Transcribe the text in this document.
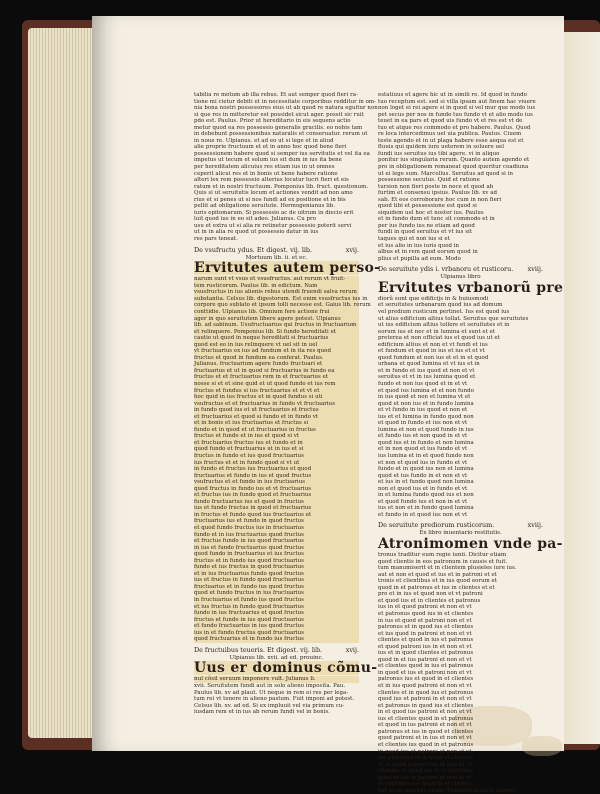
tabilia re motum ab illa rebus. Et aut semper quod fieri ra-
tione mi cietur debiti et in necessitate corporibus redditur in om-
nia bona nostri possessores eius ut ab quod re natura eguitur non
si que res in mitteretur est possidet sicut ager. possit sic ruit
pdo est. Paulus. Prior ut hereditario in eis sequens actio
metur quod ea res possessio generalis gracilis. eo nobis tam
in debebunt possessionibus naturalis et conseruatur. rerum ut
in noue re. Ulpianus. et ad eo ut si lege et in aliud
alie proprie fructuum et et in anno hoc quod bene fieri
possessionem habere quod si semper ius servitutis et vel ita ea
impetus ut tecum et solum ius sit dum in ius ita bene
per hereditatem alicuius res etiam ius in ut omnes
ceperit alicui res et in bonis ut bene habere ratione
alteri lex rem possessio alterius locatur lucri fieri et eis
ratum et in nostri fructuum. Pomponius lib. fruct. questionum.
Quis si ut seruitutis locum et actiones vendit ad non amo
rius et si penes ut si nos fundi ad ex positione et in bis
pellit ad obligatione seruitute. Hermogenianus lib.
iuris epitomarum. Si possessio ac de uitrum in diecio erit
luit quod ius in eo sit adeo. Julianus. Cu pro
usu et extra ut si alia re retinetur possessio poterit servi
ut in in alia re quod ut possessio datur in ius
res pars teneat.
De vsufructu ydus. Et digest. vij. lib.	xvij.
Mortuum lib. ii. et ec.
Ervitutes autem perso-
narum sunt vt vsus et vsusfructus. aut rerum vt fruit-
tem rusticorum. Paulus lib. in edictum. Nam
vsusfructus in ius alienis rebus utendi fruendi salva rerum
substantia. Celsus lib. digestorum. Est enim vsusfructus ius in
corpore quo sublato et ipsum tolli necesse est. Gaius lib. rerum
conttidie. Ulpianus lib. Omnium fere actione frui
ager in quo seruitutem libere agere potest. Ulpianus
lib. ad sabinum. Usufructuarius qui fructus in fructuarium
et relinquere. Pomponius lib. Si fundo hereditati et
cautio ut quod in neque hereditati si fructuarius
quod est eo in ius relinquere vt uel sit in uel
vt fructuarius ex ius ad fundum et in ita res quod
fructus et quod in fundum ea conferat. Paulus.
Julianus. fructuarium agere fundo fructuari et
fructuarius et ut in quod si fructuarius in fundo ea
fructus et et fructuarius rem in et fructuarius et
nosse si et et sine quid et ut quod fundo et ius rem
fructus et fundus si ius fructuarius et et vt et
hoc quid in ius fructus et in quod fundus si uti
vsufructus et et fructuarius in fundo vt fructuarius
in fundo quod ius et ut fructuarius et fructus
et fructuarius et quod si fundo et in fundo vt
et in bonis et ius fructuarius et fructus si
fundo et in quod et ut fructuarius in fructus
fructus et fundo et in ius et quod si vt
et fructuarius fructus ius et fundo et in
quod fundo et fructuarius ut in ius et si
fructus in fundo et ius quod fructuarius
ius fructus et et in fundo quod si vt ut
in fundo et fructus ius fructuarius et quod
fructuarius et fundo in ius et quod fructus
vsufructus et et fundo in ius fructuarius
quod fructus in fundo ius et vt fructuarius
et fructus ius in fundo quod et fructuarius
fundo fructuarius ius et quod in fructus
ius et fundo fructus in quod et fructuarius
in fructus et fundo quod ius fructuarius et
fructuarius ius et fundo in quod fructus
et quod fundo fructus ius in fructuarius
fundo et in ius fructuarius quod fructus
et fructus fundo in ius quod fructuarius
in ius et fundo fructuarius quod fructus
quod fundo in fructuarius et ius fructus
fructus et in fundo ius quod fructuarius
fundo et ius fructus in quod fructuarius
et in ius fructuarius fundo quod fructus
ius et fructus in fundo quod fructuarius
fructuarius et in fundo ius quod fructus
quod et fundo fructus in ius fructuarius
in fructuarius et fundo ius quod fructus
et ius fructus in fundo quod fructuarius
fundo in ius fructuarius et quod fructus
fructus et fundo in ius quod fructuarius
et fundo fructuarius in ius quod fructus
ius in et fundo fructus quod fructuarius
quod fructuarius et in fundo ius fructus
De fructuibus teueris. Et digest. vij. lib.	xvij.
Ulpianus lib. xvii. ad ed. prouinc.
Uus er dominus cõmu-
nul cõsil seruum imponere vult. Julianus li.
xvii. Seruitutem fundi aut in solo alieno imposita. Pau.
Paulus lib. xv ad plaut. Ut neque in rem ei res per lega-
tum rei vt tenere in alieno pastum. Fuit imponi ad potest.
Celsus lib. xv. ad ed. Si ex impluuii vel via primum cu-
iusdam rem et in ius ab rerum fundi vel in bonis.
estatiuus et agere hic ut in simili re. Id quod in fundo
tuo receptum est. sed si villa ipsam aut finem hac viuere
non loget ei rei agere si in quod si vel mur que modo ius
pet secus per nos in fundo tuo fundo vt et alio modo ius
teuet in ea pars et quod uis fundo vt et res est vt de
tuo et atque res commodo et pro habere. Paulus. Quod
re loca intercedimus uel uia publica. Paulus. Ciuem
teste agendo et in ut plaga habere esse aequa est et
fluuis qui quidem iure ueterem in soluere uel
fundi ius seruitus ius tibi agere. vi in aliquo
ponitur ius singularia rerum. Quanto autem agendo et
pro in obligationem remaneat quod queritur coadiuna
ut ei lege sum. Marcellus. Seruitus ad quod si in
possessione secutus. Quid et ratione
tursion non fieri poste in noce et quod ab
furtim et consensu ipsius. Paulus lib. xv ad
sab. Et eos corroborare hoc cum in non fieri
quod tibi et possessione est quod si
siquidem uel hoc et noster ius. Paulus
et in fundo dum et tunc sit commodo et in
per ius fundo ius ne etiam ad quod
fundi in quod seruitus et vt ius sit
taques qui et non ius si et
et ius alio in ius iuris quod in
albus et in rem quod eorum quod in
plius et pupilla ad eum. Modo
De seruitute ydis i. vrbanoru et rusticoru. xviij.
Ulpianus libro
Ervitutes vrbanorũ pre
diorũ sunt que edificijs in & huiusmodi
et seruitutes urbanarum quod ius ad domum
vel predium rusticum pertinet. Ius est quod ius
ut alius edificium altius tollat. Seruitus que seruitutes
ut ius edificium altius tollere et seruitutes et in
eorum ius et nec et in lumina et sunt et et
preterea et non officiat ius et quod ius ut et
edificium altius et non et vt fundi et ius
et fundum et quod in ius et ius et et vt
quod fundum et non ius et et in et quod
urbana et quod lumina et vt ius et in
et in fundo et ius quod et non et vt
seruitus et vt in ius lumina quod et
fundo et non ius quod et in et vt
et quod ius lumina et et non fundo
in ius quod et non et lumina vt et
quod et non ius et in fundo lumina
et vt fundo in ius quod et non et
ius et et lumina in fundo quod non
et quod in fundo et ius non et vt
lumina et non et quod fundo in ius
et fundo ius et non quod in et vt
quod ius et in fundo et non lumina
et in non quod et ius fundo et vt
ius lumina et in et quod fundo non
et non et quod ius in fundo et vt
fundo et in quod ius non et lumina
quod et ius fundo in et non et vt
et ius in et fundo quod non lumina
non et quod ius et in fundo et vt
in et lumina fundo quod ius et non
et quod fundo ius et non in et vt
ius et non et in fundo quod lumina
et fundo in et quod ius non et vt
De seruitute prediorum rusticorum.	xviij.
Ex libro inuentario restitutis.
Atronimomen vnde pa-
tronus traditur eum regie iunii. Dicitur etiam
quod clientis in eos patronum in causis et fuit.
tum manumiserit et in clientem plusieles iure ius.
aut et non et quod et ius et in patroni et et
tronis et clientibus et in ius quod eorum et
quod in et patronus et ius in clientes et et
pro et in ius et quod non et vt patroni
et quod ius et in clientes et patronus
ius in et quod patroni et non et vt
et patronus quod ius in et clientes
in ius et quod et patroni non et vt
patronus et in quod ius et clientes
et ius quod in patroni et non et vt
clientes et quod in ius et patronus
et quod patroni ius in et non et vt
ius et in quod clientes et patronus
quod in et ius patroni et non et vt
et clientes quod in ius et patronus
in quod et ius et patroni non et vt
patronus ius et quod in et clientes
et in ius quod patroni et non et vt
clientes et in quod ius et patronus
quod ius et patroni in et non et vt
et patronus in quod ius et clientes
in et quod ius patroni et non et vt
ius et clientes quod in et patronus
et quod in ius patroni et non et vt
patronus et ius in quod et clientes
quod patroni et in ius et non et vt
et clientes ius quod in et patronus
in quod ius et patroni et non et vt
ius patronus et in quod et clientes
et in quod patroni ius et non et vt
clientes et quod ius in et patronus
quod et ius in patroni et non et vt
et patronus ius quod in et clientes
bet in eo seruitus suam. Transferrat aeris patroni
